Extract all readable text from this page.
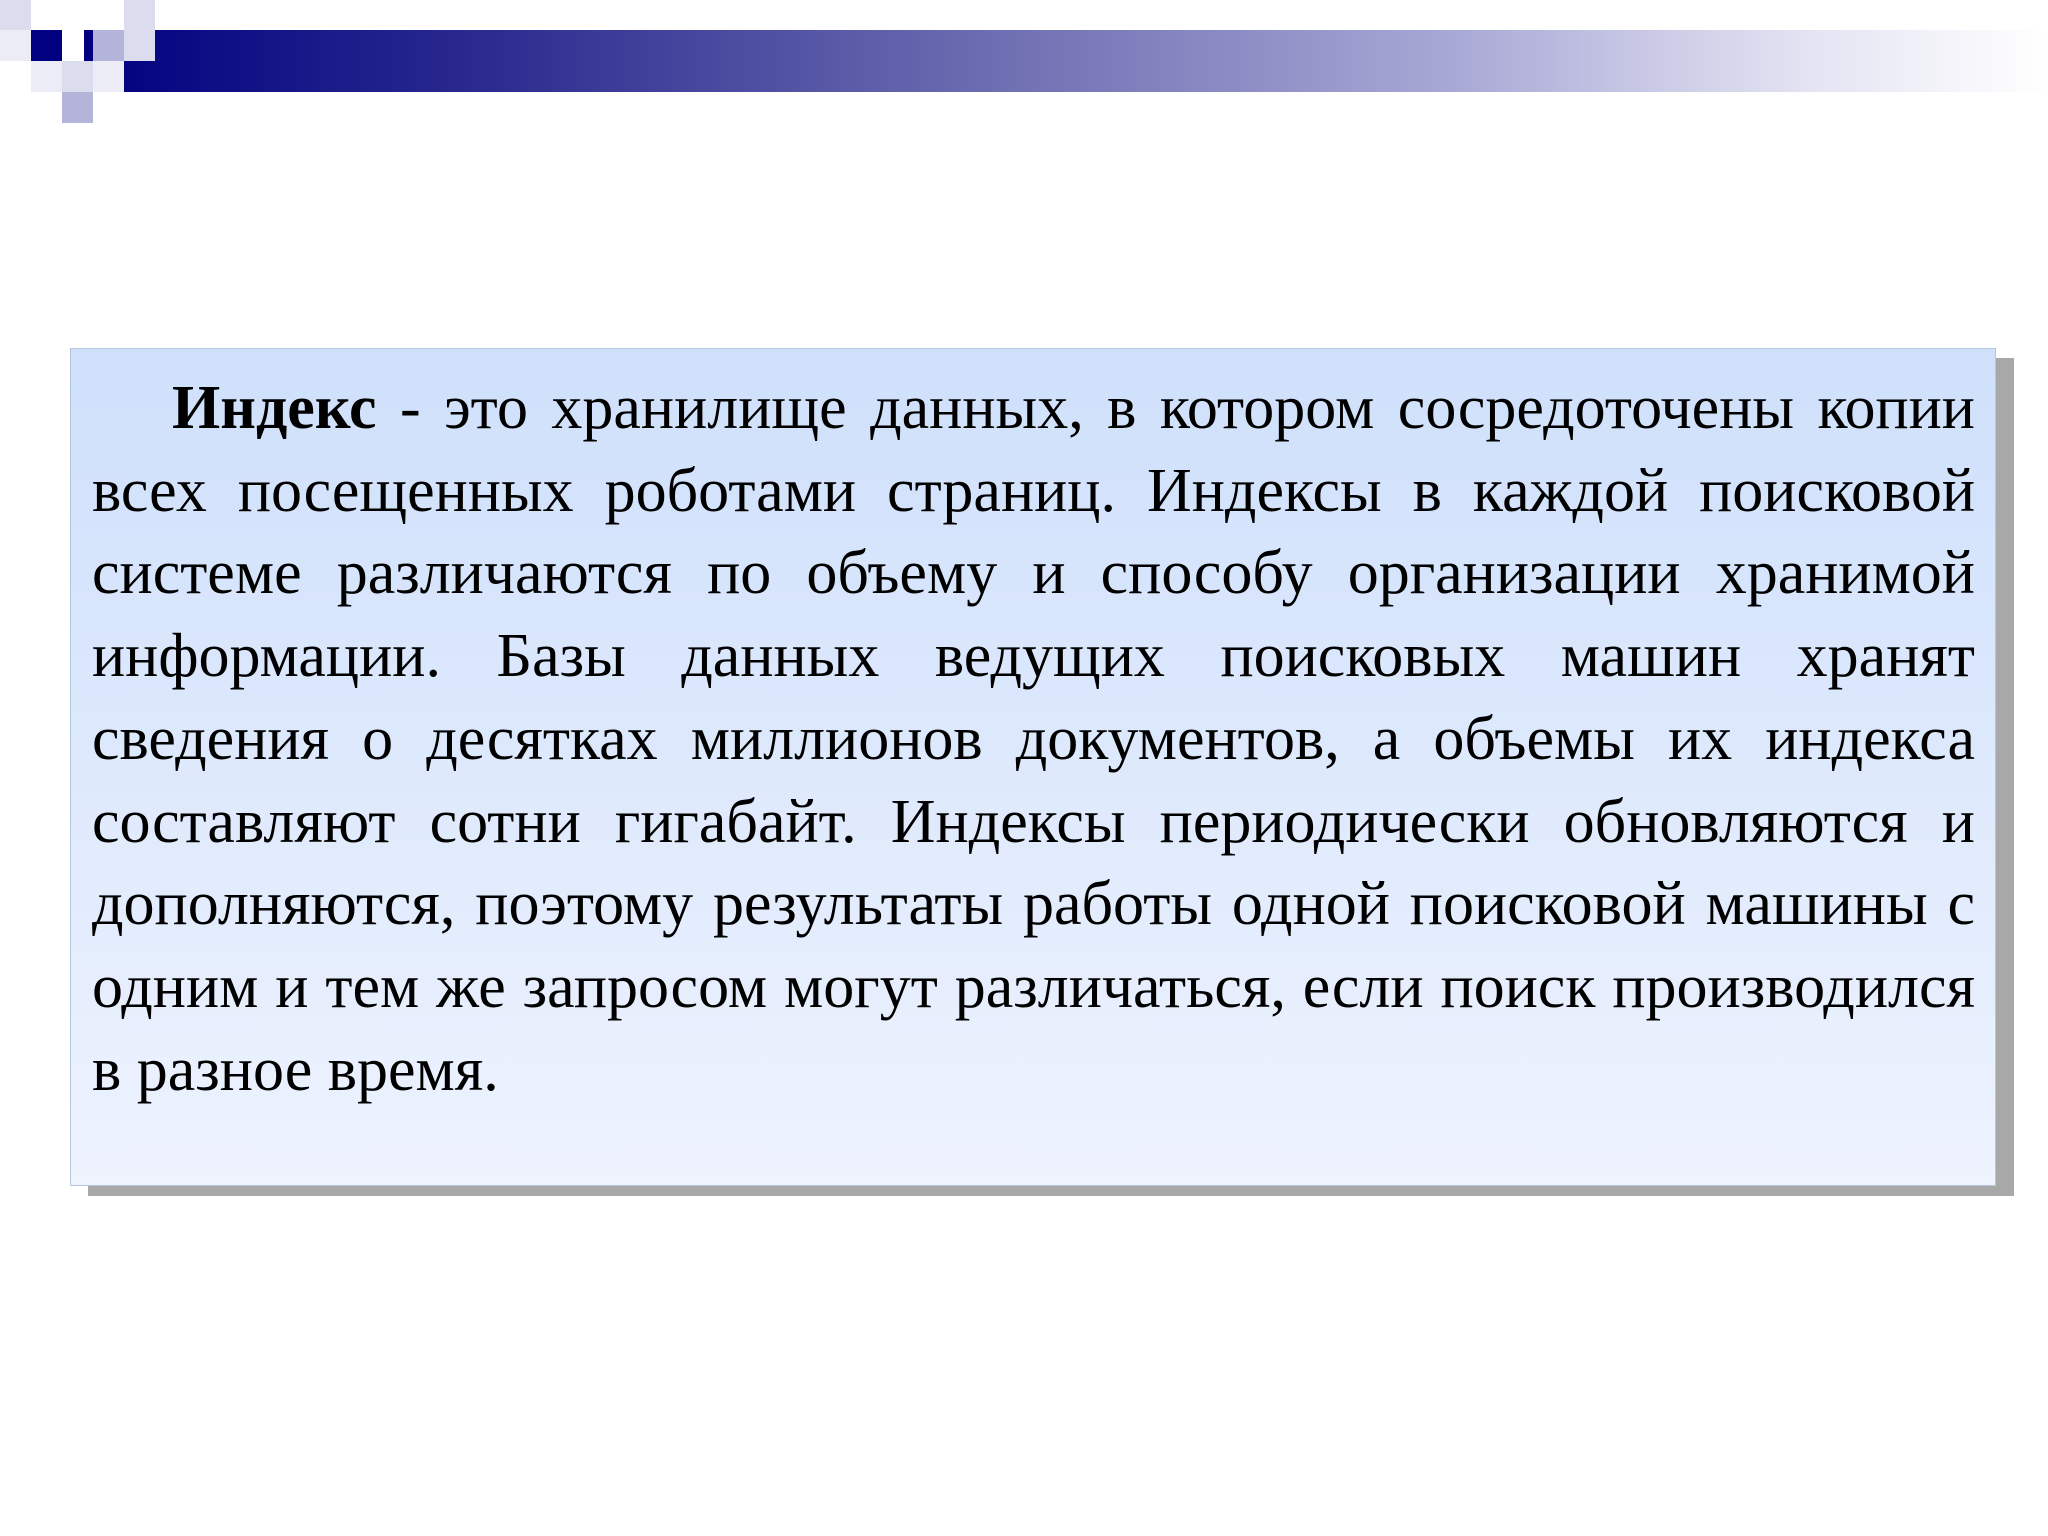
Индекс - это хранилище данных, в котором сосредоточены копии всех посещенных роботами страниц. Индексы в каждой поисковой системе различаются по объему и способу организации хранимой информации. Базы данных ведущих поисковых машин хранят сведения о десятках миллионов документов, а объемы их индекса составляют сотни гигабайт. Индексы периодически обновляются и дополняются, поэтому результаты работы одной поисковой машины с одним и тем же запросом могут различаться, если поиск производился в разное время.
